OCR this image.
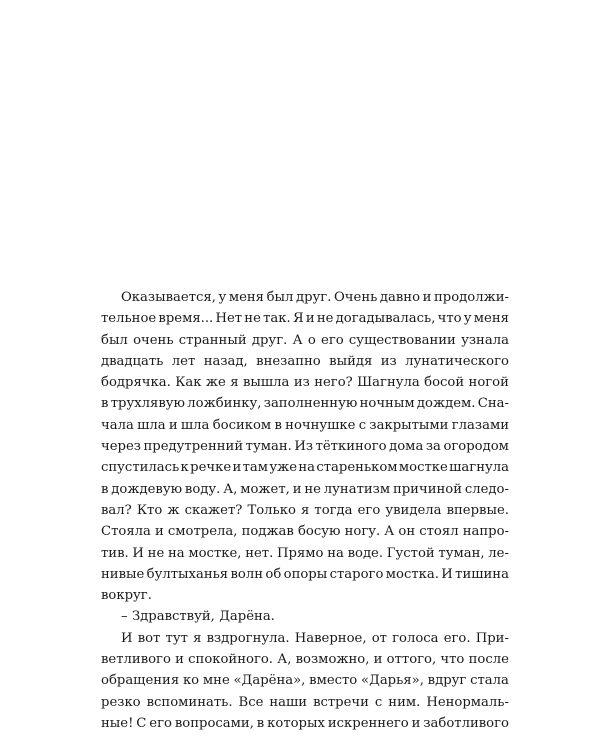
Оказывается, у меня был друг. Очень давно и продолжи-
тельное время... Нет не так. Я и не догадывалась, что у меня
был очень странный друг. А о его существовании узнала
двадцать лет назад, внезапно выйдя из лунатического
бодрячка. Как же я вышла из него? Шагнула босой ногой
в трухлявую ложбинку, заполненную ночным дождем. Сна-
чала шла и шла босиком в ночнушке с закрытыми глазами
через предутренний туман. Из тёткиного дома за огородом
спустилась к речке и там уже на стареньком мостке шагнула
в дождевую воду. А, может, и не лунатизм причиной следо-
вал? Кто ж скажет? Только я тогда его увидела впервые.
Стояла и смотрела, поджав босую ногу. А он стоял напро-
тив. И не на мостке, нет. Прямо на воде. Густой туман, ле-
нивые бултыханья волн об опоры старого мостка. И тишина
вокруг.
– Здравствуй, Дарёна.
И вот тут я вздрогнула. Наверное, от голоса его. При-
ветливого и спокойного. А, возможно, и оттого, что после
обращения ко мне «Дарёна», вместо «Дарья», вдруг стала
резко вспоминать. Все наши встречи с ним. Ненормаль-
ные! С его вопросами, в которых искреннего и заботливого
